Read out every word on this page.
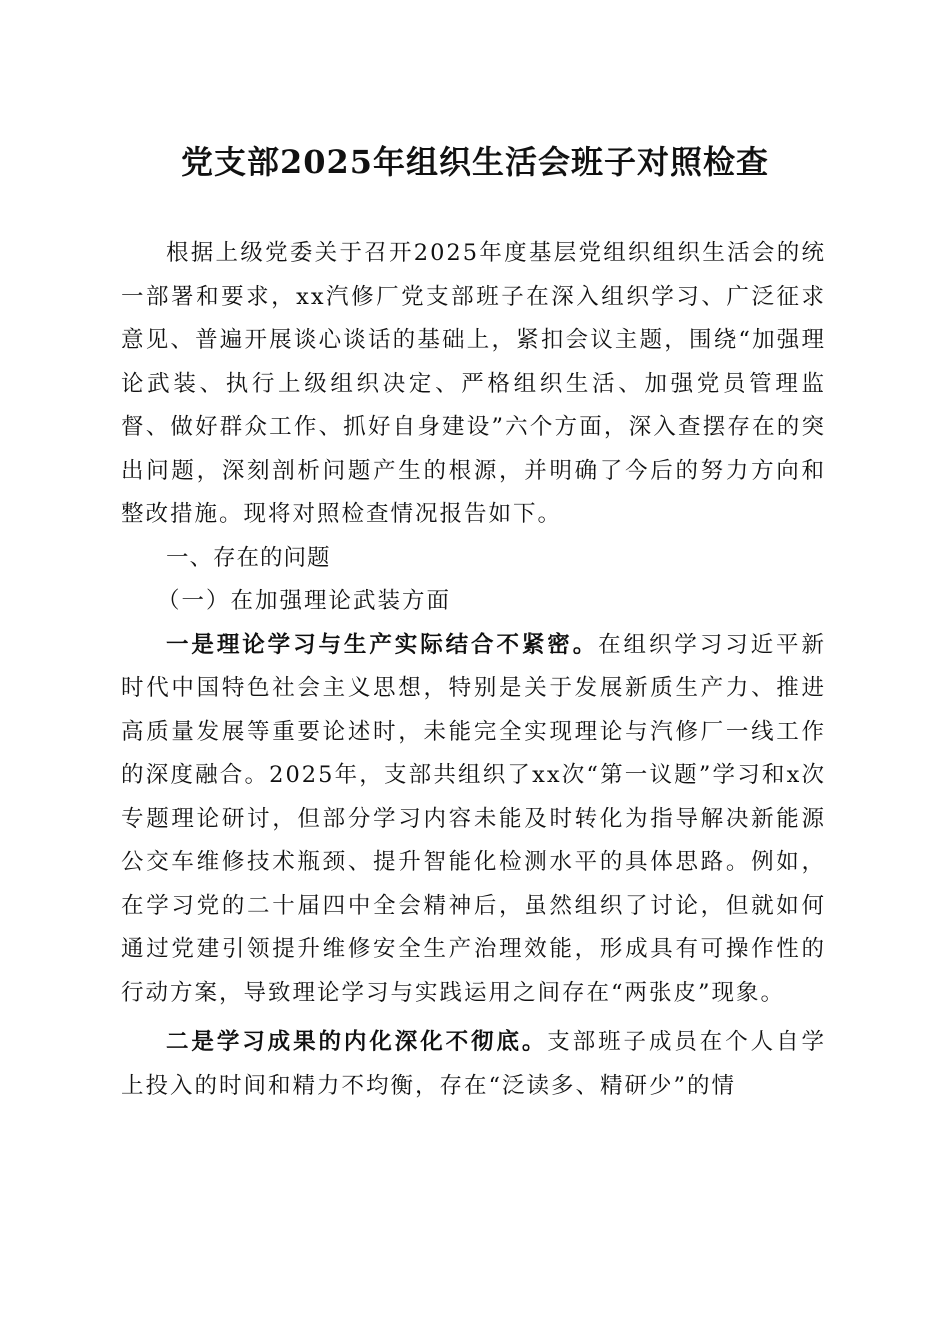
党支部2025年组织生活会班子对照检查

根据上级党委关于召开2025年度基层党组织组织生活会的统一部署和要求，xx汽修厂党支部班子在深入组织学习、广泛征求意见、普遍开展谈心谈话的基础上，紧扣会议主题，围绕“加强理论武装、执行上级组织决定、严格组织生活、加强党员管理监督、做好群众工作、抓好自身建设”六个方面，深入查摆存在的突出问题，深刻剖析问题产生的根源，并明确了今后的努力方向和整改措施。现将对照检查情况报告如下。

一、存在的问题

（一）在加强理论武装方面

一是理论学习与生产实际结合不紧密。在组织学习习近平新时代中国特色社会主义思想，特别是关于发展新质生产力、推进高质量发展等重要论述时，未能完全实现理论与汽修厂一线工作的深度融合。2025年，支部共组织了xx次“第一议题”学习和x次专题理论研讨，但部分学习内容未能及时转化为指导解决新能源公交车维修技术瓶颈、提升智能化检测水平的具体思路。例如，在学习党的二十届四中全会精神后，虽然组织了讨论，但就如何通过党建引领提升维修安全生产治理效能，形成具有可操作性的行动方案，导致理论学习与实践运用之间存在“两张皮”现象。

二是学习成果的内化深化不彻底。支部班子成员在个人自学上投入的时间和精力不均衡，存在“泛读多、精研少”的情
